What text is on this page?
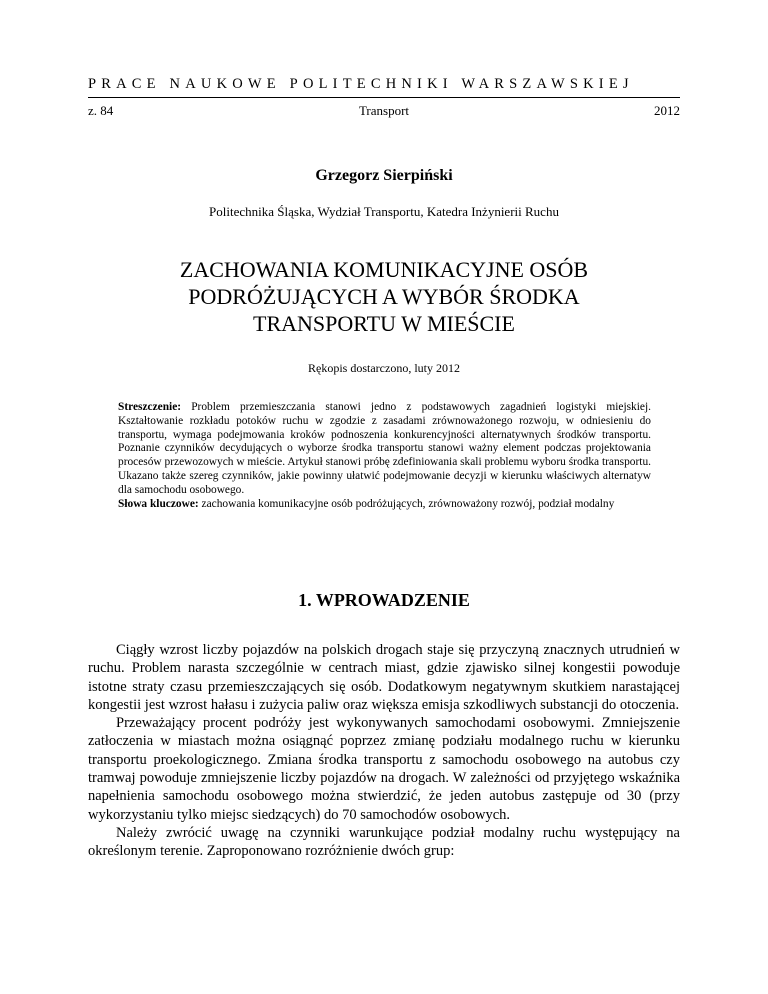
PRACE NAUKOWE POLITECHNIKI WARSZAWSKIEJ
z. 84	Transport	2012
Grzegorz Sierpiński
Politechnika Śląska, Wydział Transportu, Katedra Inżynierii Ruchu
ZACHOWANIA KOMUNIKACYJNE OSÓB
PODRÓŻUJĄCYCH A WYBÓR ŚRODKA
TRANSPORTU W MIEŚCIE
Rękopis dostarczono, luty 2012

Streszczenie: Problem przemieszczania stanowi jedno z podstawowych zagadnień logistyki miejskiej. Kształtowanie rozkładu potoków ruchu w zgodzie z zasadami zrównoważonego rozwoju, w odniesieniu do transportu, wymaga podejmowania kroków podnoszenia konkurencyjności alternatywnych środków transportu. Poznanie czynników decydujących o wyborze środka transportu stanowi ważny element podczas projektowania procesów przewozowych w mieście. Artykuł stanowi próbę zdefiniowania skali problemu wyboru środka transportu. Ukazano także szereg czynników, jakie powinny ułatwić podejmowanie decyzji w kierunku właściwych alternatyw dla samochodu osobowego.

Słowa kluczowe: zachowania komunikacyjne osób podróżujących, zrównoważony rozwój, podział modalny

1. WPROWADZENIE

Ciągły wzrost liczby pojazdów na polskich drogach staje się przyczyną znacznych utrudnień w ruchu. Problem narasta szczególnie w centrach miast, gdzie zjawisko silnej kongestii powoduje istotne straty czasu przemieszczających się osób. Dodatkowym negatywnym skutkiem narastającej kongestii jest wzrost hałasu i zużycia paliw oraz większa emisja szkodliwych substancji do otoczenia.

Przeważający procent podróży jest wykonywanych samochodami osobowymi. Zmniejszenie zatłoczenia w miastach można osiągnąć poprzez zmianę podziału modalnego ruchu w kierunku transportu proekologicznego. Zmiana środka transportu z samochodu osobowego na autobus czy tramwaj powoduje zmniejszenie liczby pojazdów na drogach. W zależności od przyjętego wskaźnika napełnienia samochodu osobowego można stwierdzić, że jeden autobus zastępuje od 30 (przy wykorzystaniu tylko miejsc siedzących) do 70 samochodów osobowych.

Należy zwrócić uwagę na czynniki warunkujące podział modalny ruchu występujący na określonym terenie. Zaproponowano rozróżnienie dwóch grup:
